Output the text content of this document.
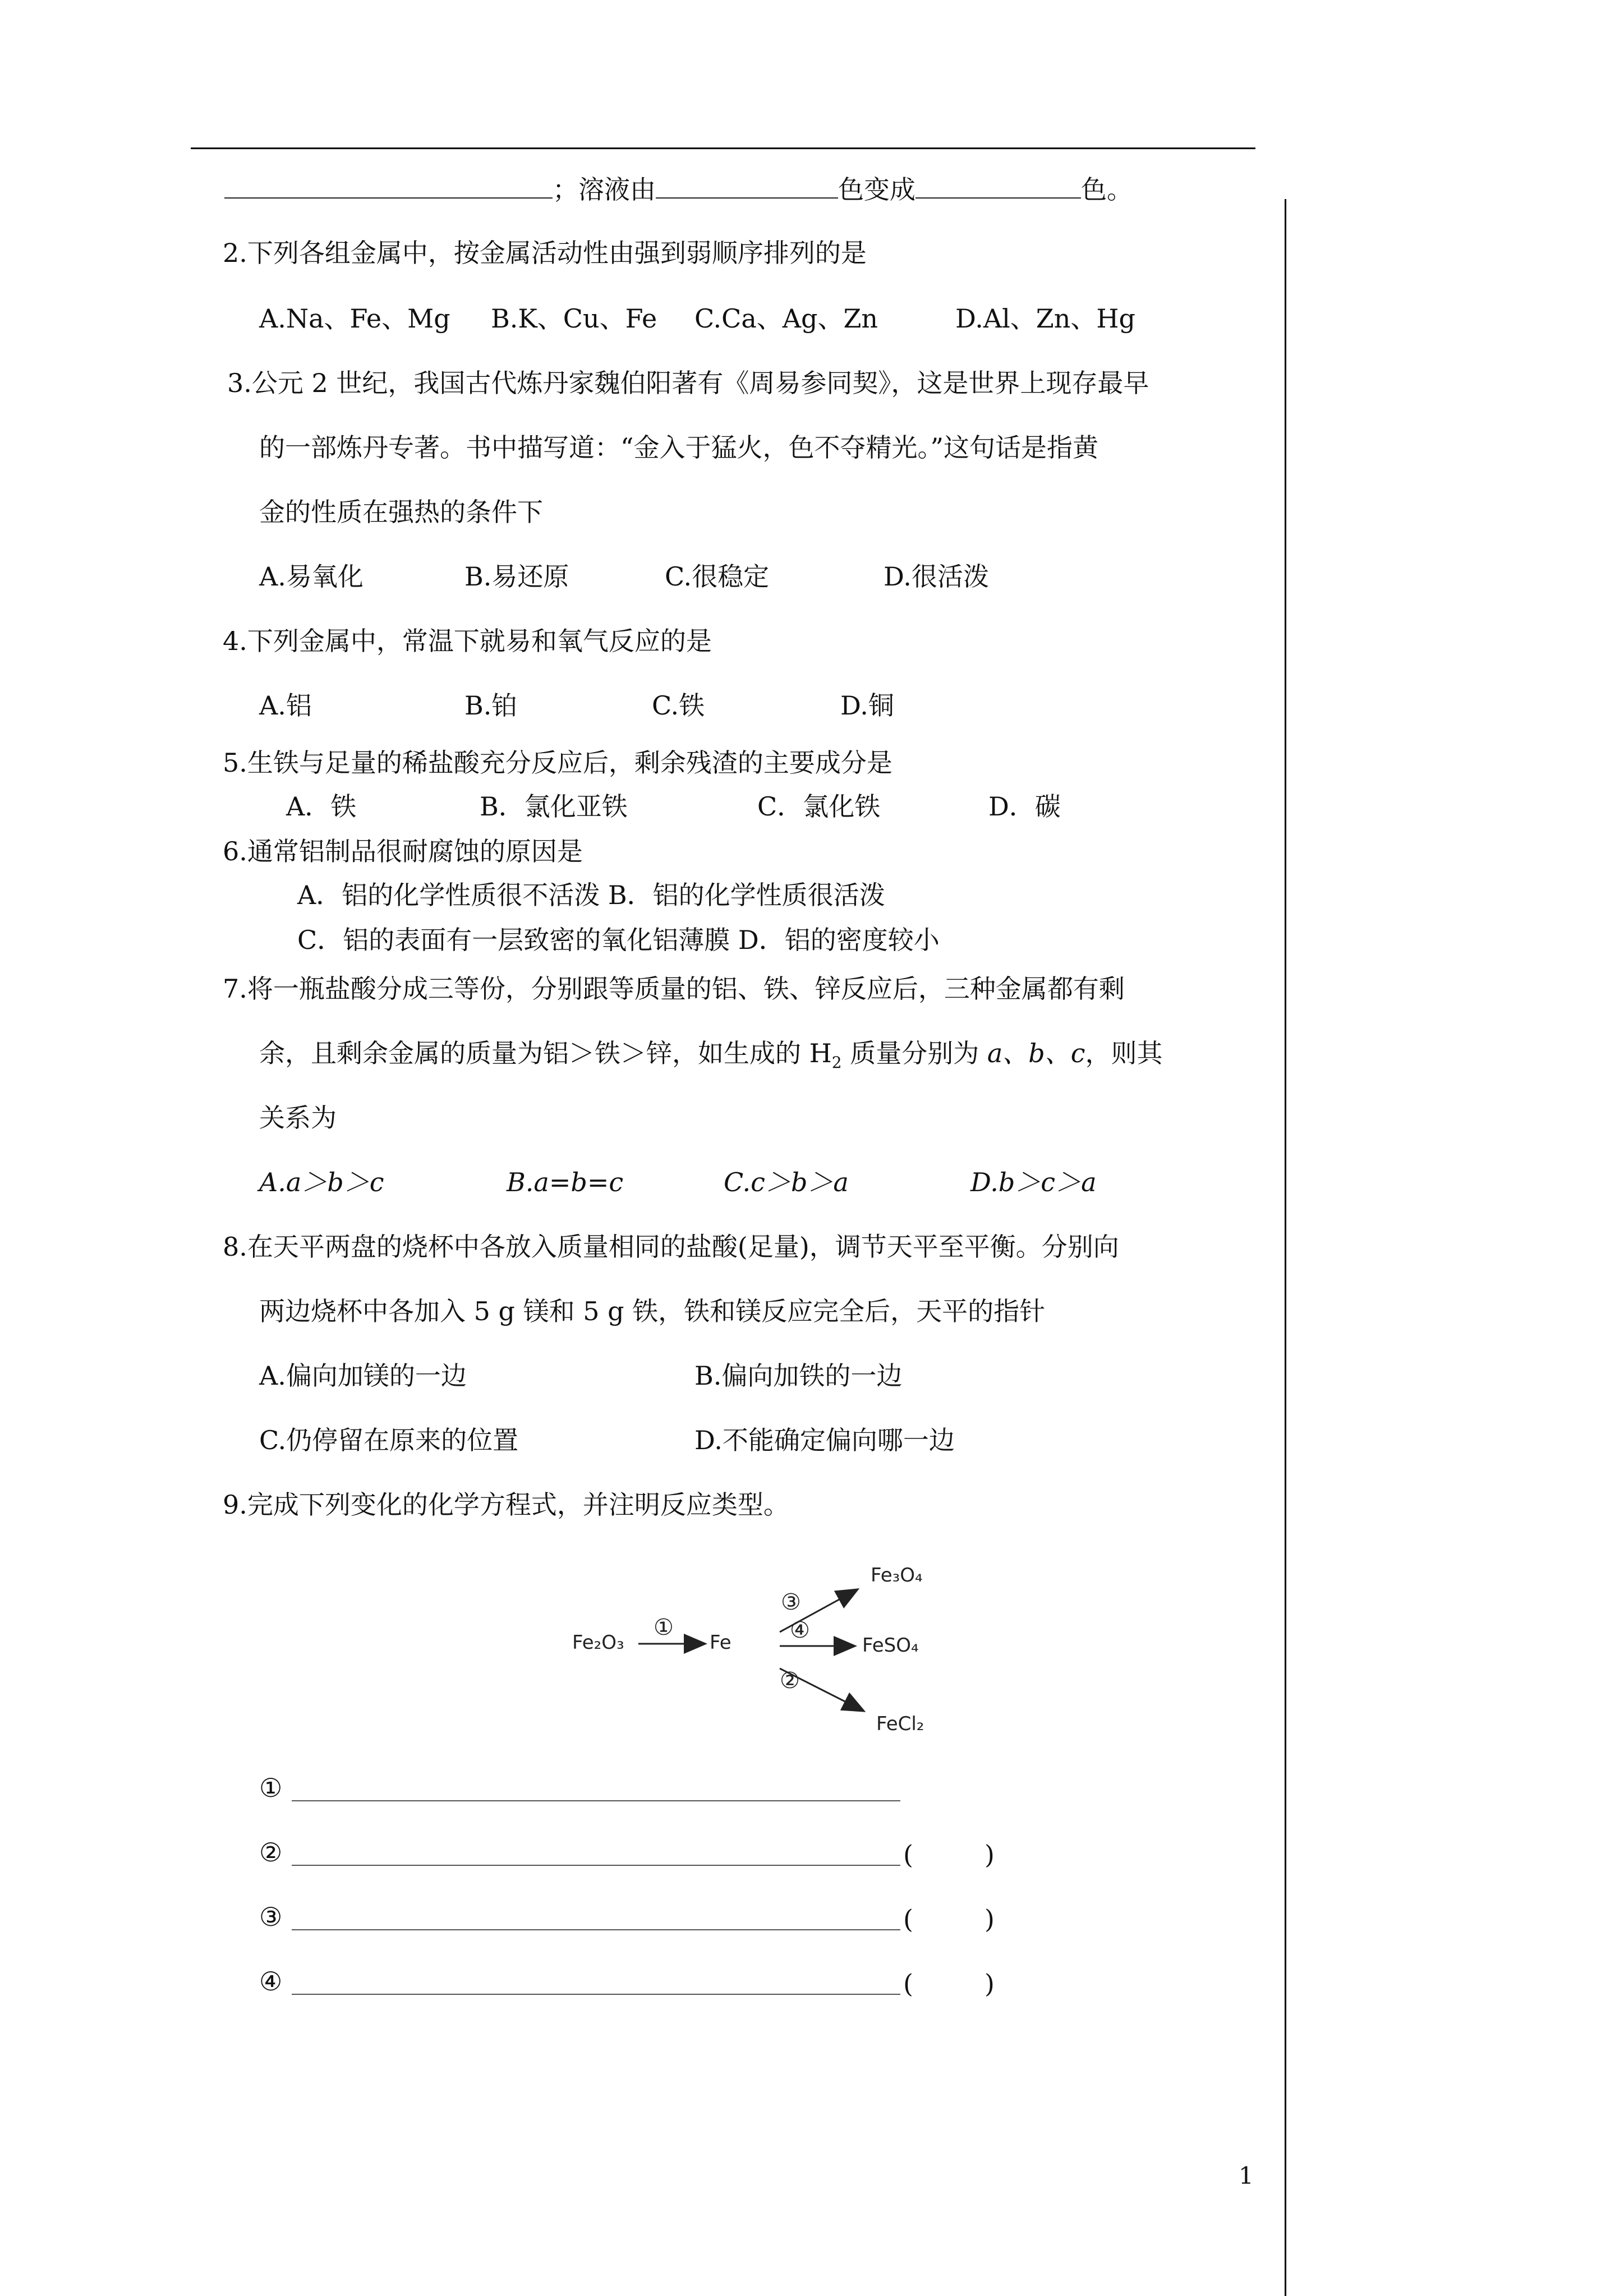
；溶液由	色变成	色。
2.下列各组金属中，按金属活动性由强到弱顺序排列的是
A.Na、Fe、Mg B.K、Cu、Fe C.Ca、Ag、Zn	D.Al、Zn、Hg
3.公元 2 世纪，我国古代炼丹家魏伯阳著有《周易参同契》，这是世界上现存最早
的一部炼丹专著。书中描写道：“金入于猛火，色不夺精光。”这句话是指黄
金的性质在强热的条件下
A.易氧化	B.易还原	C.很稳定	D.很活泼
4.下列金属中，常温下就易和氧气反应的是
A.铝	B.铂	C.铁	D.铜
5.生铁与足量的稀盐酸充分反应后，剩余残渣的主要成分是
A．铁	B．氯化亚铁	C．氯化铁	D．碳
6.通常铝制品很耐腐蚀的原因是
A．铝的化学性质很不活泼 B．铝的化学性质很活泼
C．铝的表面有一层致密的氧化铝薄膜 D．铝的密度较小
7.将一瓶盐酸分成三等份，分别跟等质量的铝、铁、锌反应后，三种金属都有剩
余，且剩余金属的质量为铝＞铁＞锌，如生成的 $H_2$ 质量分别为 a、b、c，则其
关系为
A.a＞b＞c	B.a=b=c	C.c＞b＞a	D.b＞c＞a
8.在天平两盘的烧杯中各放入质量相同的盐酸(足量)，调节天平至平衡。分别向
两边烧杯中各加入 5 g 镁和 5 g 铁，铁和镁反应完全后，天平的指针
A.偏向加镁的一边	B.偏向加铁的一边
C.仍停留在原来的位置	D.不能确定偏向哪一边
9.完成下列变化的化学方程式，并注明反应类型。
Fe₂O₃
①
Fe
③
Fe₃O₄
④
FeSO₄
②
FeCl₂
①
②	(	)
③	(	)
④	(	)
1
